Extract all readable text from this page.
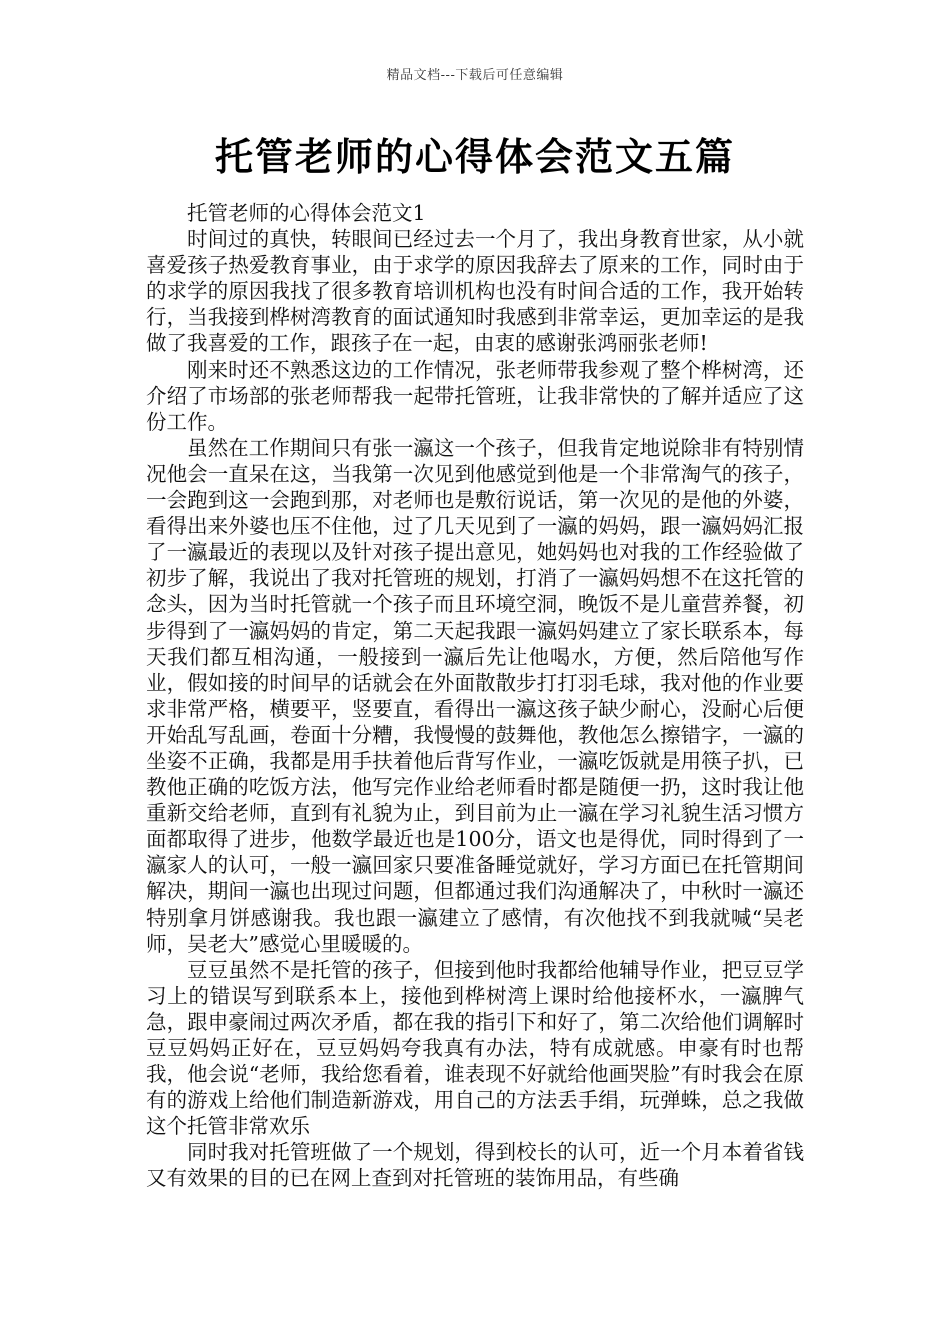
精品文档---下载后可任意编辑
托管老师的心得体会范文五篇

托管老师的心得体会范文1

时间过的真快，转眼间已经过去一个月了，我出身教育世家，从小就喜爱孩子热爱教育事业，由于求学的原因我辞去了原来的工作，同时由于的求学的原因我找了很多教育培训机构也没有时间合适的工作，我开始转行，当我接到桦树湾教育的面试通知时我感到非常幸运，更加幸运的是我做了我喜爱的工作，跟孩子在一起，由衷的感谢张鸿丽张老师!

刚来时还不熟悉这边的工作情况，张老师带我参观了整个桦树湾，还介绍了市场部的张老师帮我一起带托管班，让我非常快的了解并适应了这份工作。

虽然在工作期间只有张一瀛这一个孩子，但我肯定地说除非有特别情况他会一直呆在这，当我第一次见到他感觉到他是一个非常淘气的孩子，一会跑到这一会跑到那，对老师也是敷衍说话，第一次见的是他的外婆，看得出来外婆也压不住他，过了几天见到了一瀛的妈妈，跟一瀛妈妈汇报了一瀛最近的表现以及针对孩子提出意见，她妈妈也对我的工作经验做了初步了解，我说出了我对托管班的规划，打消了一瀛妈妈想不在这托管的念头，因为当时托管就一个孩子而且环境空洞，晚饭不是儿童营养餐，初步得到了一瀛妈妈的肯定，第二天起我跟一瀛妈妈建立了家长联系本，每天我们都互相沟通，一般接到一瀛后先让他喝水，方便，然后陪他写作业，假如接的时间早的话就会在外面散散步打打羽毛球，我对他的作业要求非常严格，横要平，竖要直，看得出一瀛这孩子缺少耐心，没耐心后便开始乱写乱画，卷面十分糟，我慢慢的鼓舞他，教他怎么擦错字，一瀛的坐姿不正确，我都是用手扶着他后背写作业，一瀛吃饭就是用筷子扒，已教他正确的吃饭方法，他写完作业给老师看时都是随便一扔，这时我让他重新交给老师，直到有礼貌为止，到目前为止一瀛在学习礼貌生活习惯方面都取得了进步，他数学最近也是100分，语文也是得优，同时得到了一瀛家人的认可，一般一瀛回家只要准备睡觉就好，学习方面已在托管期间解决，期间一瀛也出现过问题，但都通过我们沟通解决了，中秋时一瀛还特别拿月饼感谢我。我也跟一瀛建立了感情，有次他找不到我就喊“吴老师，吴老大”感觉心里暖暖的。

豆豆虽然不是托管的孩子，但接到他时我都给他辅导作业，把豆豆学习上的错误写到联系本上，接他到桦树湾上课时给他接杯水，一瀛脾气急，跟申豪闹过两次矛盾，都在我的指引下和好了，第二次给他们调解时豆豆妈妈正好在，豆豆妈妈夸我真有办法，特有成就感。申豪有时也帮我，他会说“老师，我给您看着，谁表现不好就给他画哭脸”有时我会在原有的游戏上给他们制造新游戏，用自己的方法丢手绢，玩弹蛛，总之我做这个托管非常欢乐

同时我对托管班做了一个规划，得到校长的认可，近一个月本着省钱又有效果的目的已在网上查到对托管班的装饰用品，有些确
